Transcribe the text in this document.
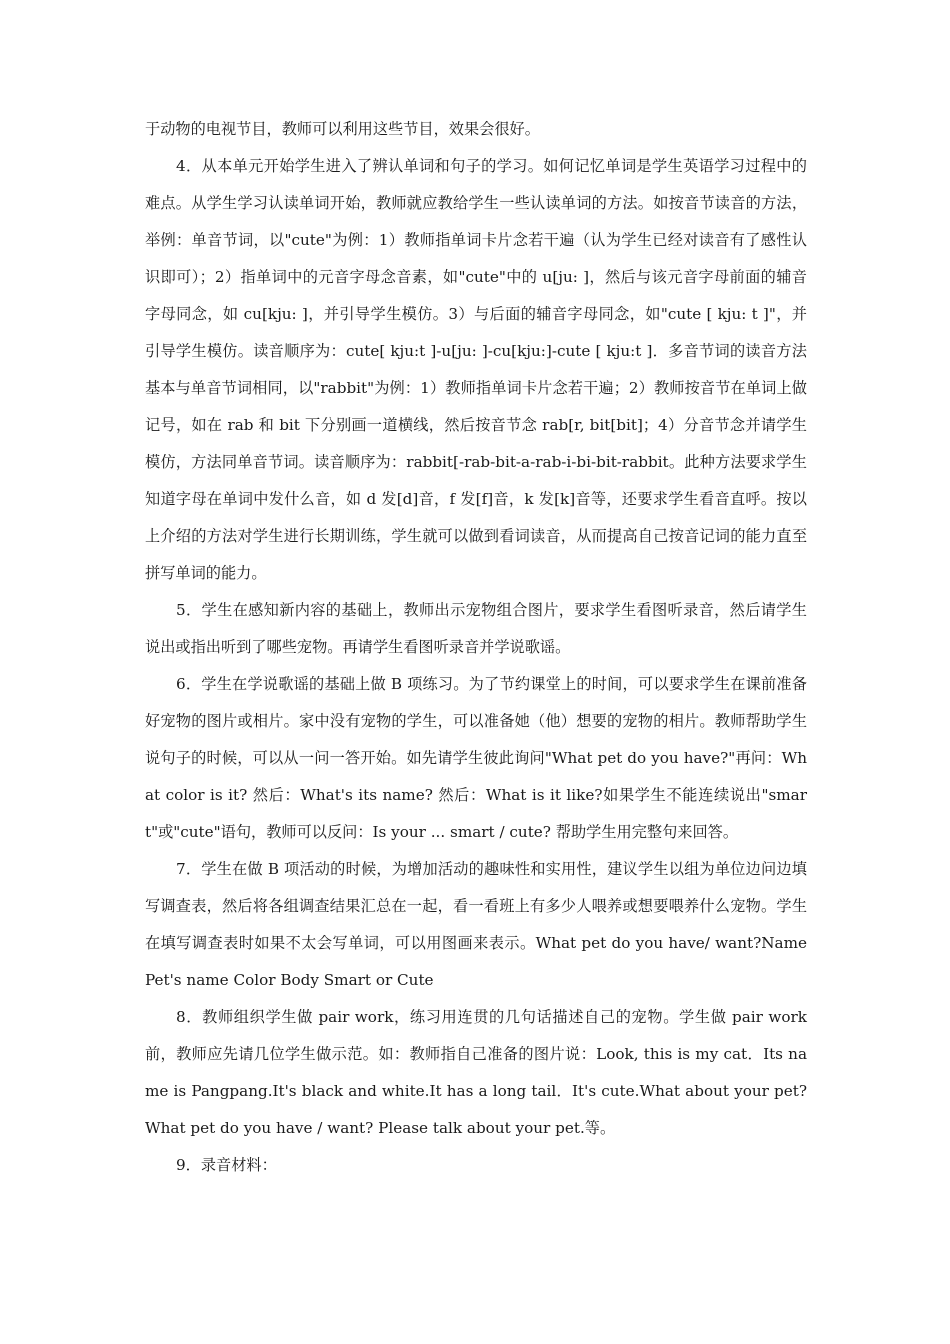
于动物的电视节目，教师可以利用这些节目，效果会很好。

4．从本单元开始学生进入了辨认单词和句子的学习。如何记忆单词是学生英语学习过程中的难点。从学生学习认读单词开始，教师就应教给学生一些认读单词的方法。如按音节读音的方法，举例：单音节词，以"cute"为例：1）教师指单词卡片念若干遍（认为学生已经对读音有了感性认识即可）；2）指单词中的元音字母念音素，如"cute"中的 u[ju: ]，然后与该元音字母前面的辅音字母同念，如 cu[kju: ]，并引导学生模仿。3）与后面的辅音字母同念，如"cute [ kju: t ]"，并引导学生模仿。读音顺序为：cute[ kju:t ]-u[ju: ]-cu[kju:]-cute [ kju:t ]．多音节词的读音方法基本与单音节词相同，以"rabbit"为例：1）教师指单词卡片念若干遍；2）教师按音节在单词上做记号，如在 rab 和 bit 下分别画一道横线，然后按音节念 rab[r, bit[bit]；4）分音节念并请学生模仿，方法同单音节词。读音顺序为：rabbit[-rab-bit-a-rab-i-bi-bit-rabbit。此种方法要求学生知道字母在单词中发什么音，如 d 发[d]音，f 发[f]音，k 发[k]音等，还要求学生看音直呼。按以上介绍的方法对学生进行长期训练，学生就可以做到看词读音，从而提高自己按音记词的能力直至拼写单词的能力。

5．学生在感知新内容的基础上，教师出示宠物组合图片，要求学生看图听录音，然后请学生说出或指出听到了哪些宠物。再请学生看图听录音并学说歌谣。

6．学生在学说歌谣的基础上做 B 项练习。为了节约课堂上的时间，可以要求学生在课前准备好宠物的图片或相片。家中没有宠物的学生，可以准备她（他）想要的宠物的相片。教师帮助学生说句子的时候，可以从一问一答开始。如先请学生彼此询问"What pet do you have?"再问：What color is it? 然后：What's its name? 然后：What is it like?如果学生不能连续说出"smart"或"cute"语句，教师可以反问：Is your ... smart / cute? 帮助学生用完整句来回答。

7．学生在做 B 项活动的时候，为增加活动的趣味性和实用性，建议学生以组为单位边问边填写调查表，然后将各组调查结果汇总在一起，看一看班上有多少人喂养或想要喂养什么宠物。学生在填写调查表时如果不太会写单词，可以用图画来表示。What pet do you have/ want?Name Pet's name Color Body Smart or Cute

8．教师组织学生做 pair work，练习用连贯的几句话描述自己的宠物。学生做 pair work 前，教师应先请几位学生做示范。如：教师指自己准备的图片说：Look, this is my cat．Its name is Pangpang.It's black and white.It has a long tail．It's cute.What about your pet? What pet do you have / want? Please talk about your pet.等。

9．录音材料：
